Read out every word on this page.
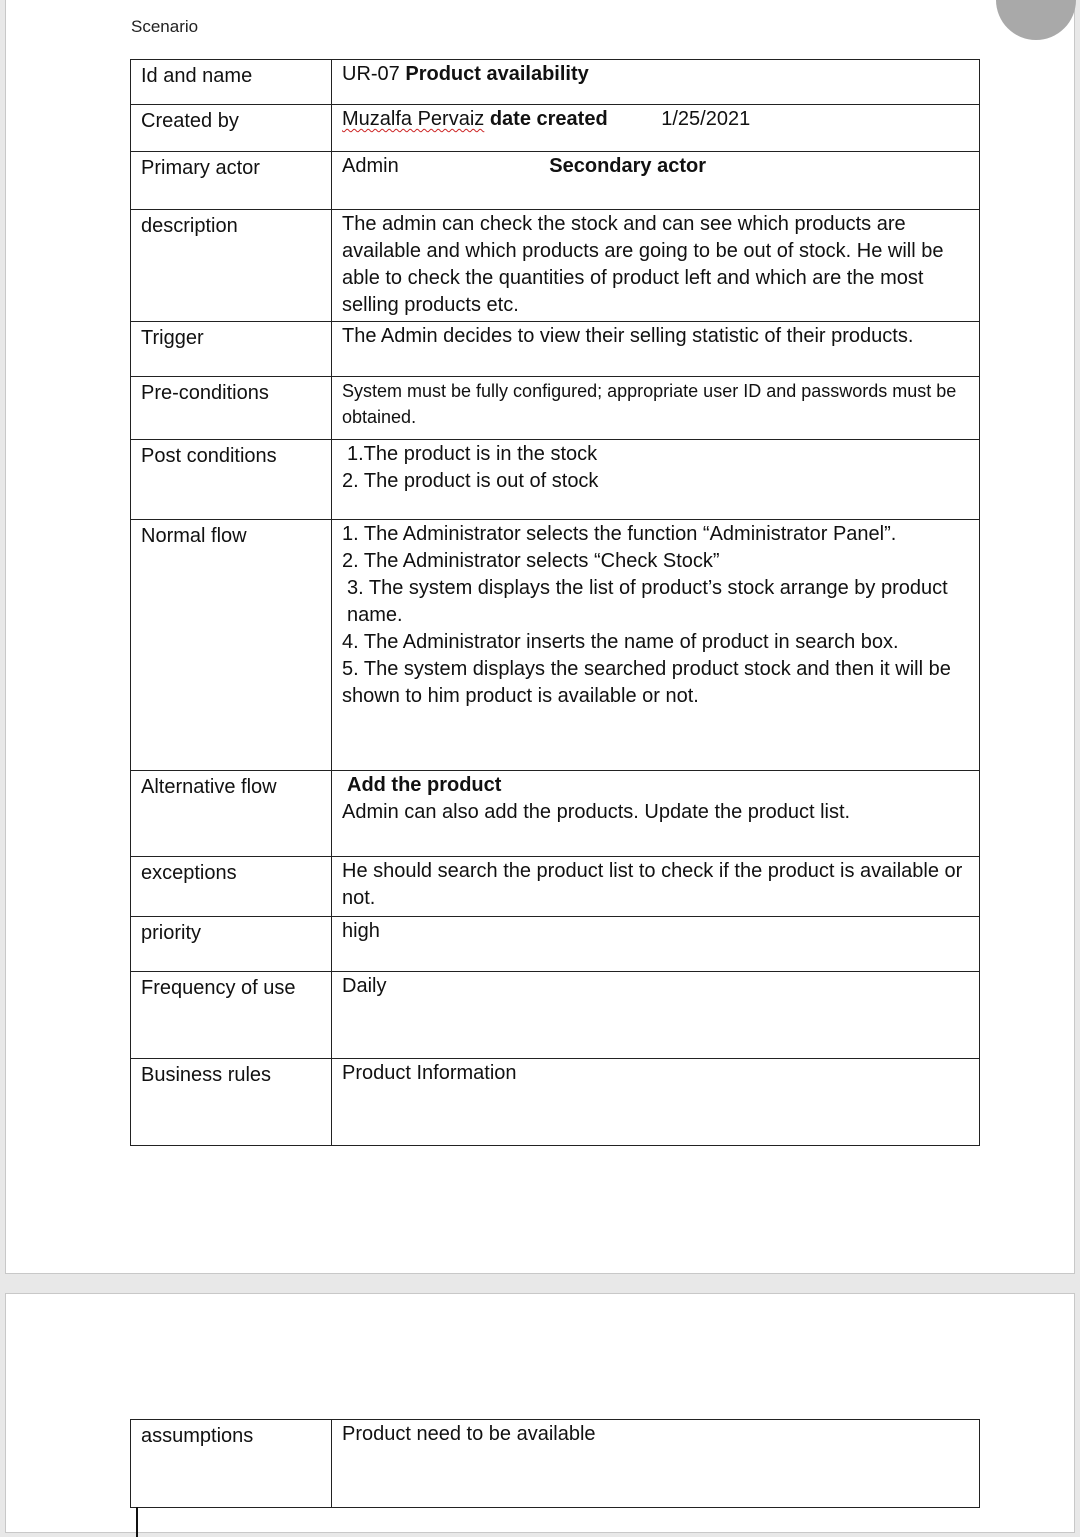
Scenario
Id and name	UR-07 Product availability
Created by	Muzalfa Pervaiz date created 1/25/2021
Primary actor	Admin Secondary actor
description	The admin can check the stock and can see which products are available and which products are going to be out of stock. He will be able to check the quantities of product left and which are the most selling products etc.
Trigger	The Admin decides to view their selling statistic of their products.
Pre-conditions	System must be fully configured; appropriate user ID and passwords must be obtained.
Post conditions	1.The product is in the stock
2. The product is out of stock

Normal flow	1. The Administrator selects the function “Administrator Panel”.
2. The Administrator selects “Check Stock”
3. The system displays the list of product’s stock arrange by product name.
4. The Administrator inserts the name of product in search box.
5. The system displays the searched product stock and then it will be shown to him product is available or not.

Alternative flow	Add the product
Admin can also add the products. Update the product list.

exceptions	He should search the product list to check if the product is available or not.
priority	high
Frequency of use	Daily
Business rules	Product Information
assumptions	Product need to be available
